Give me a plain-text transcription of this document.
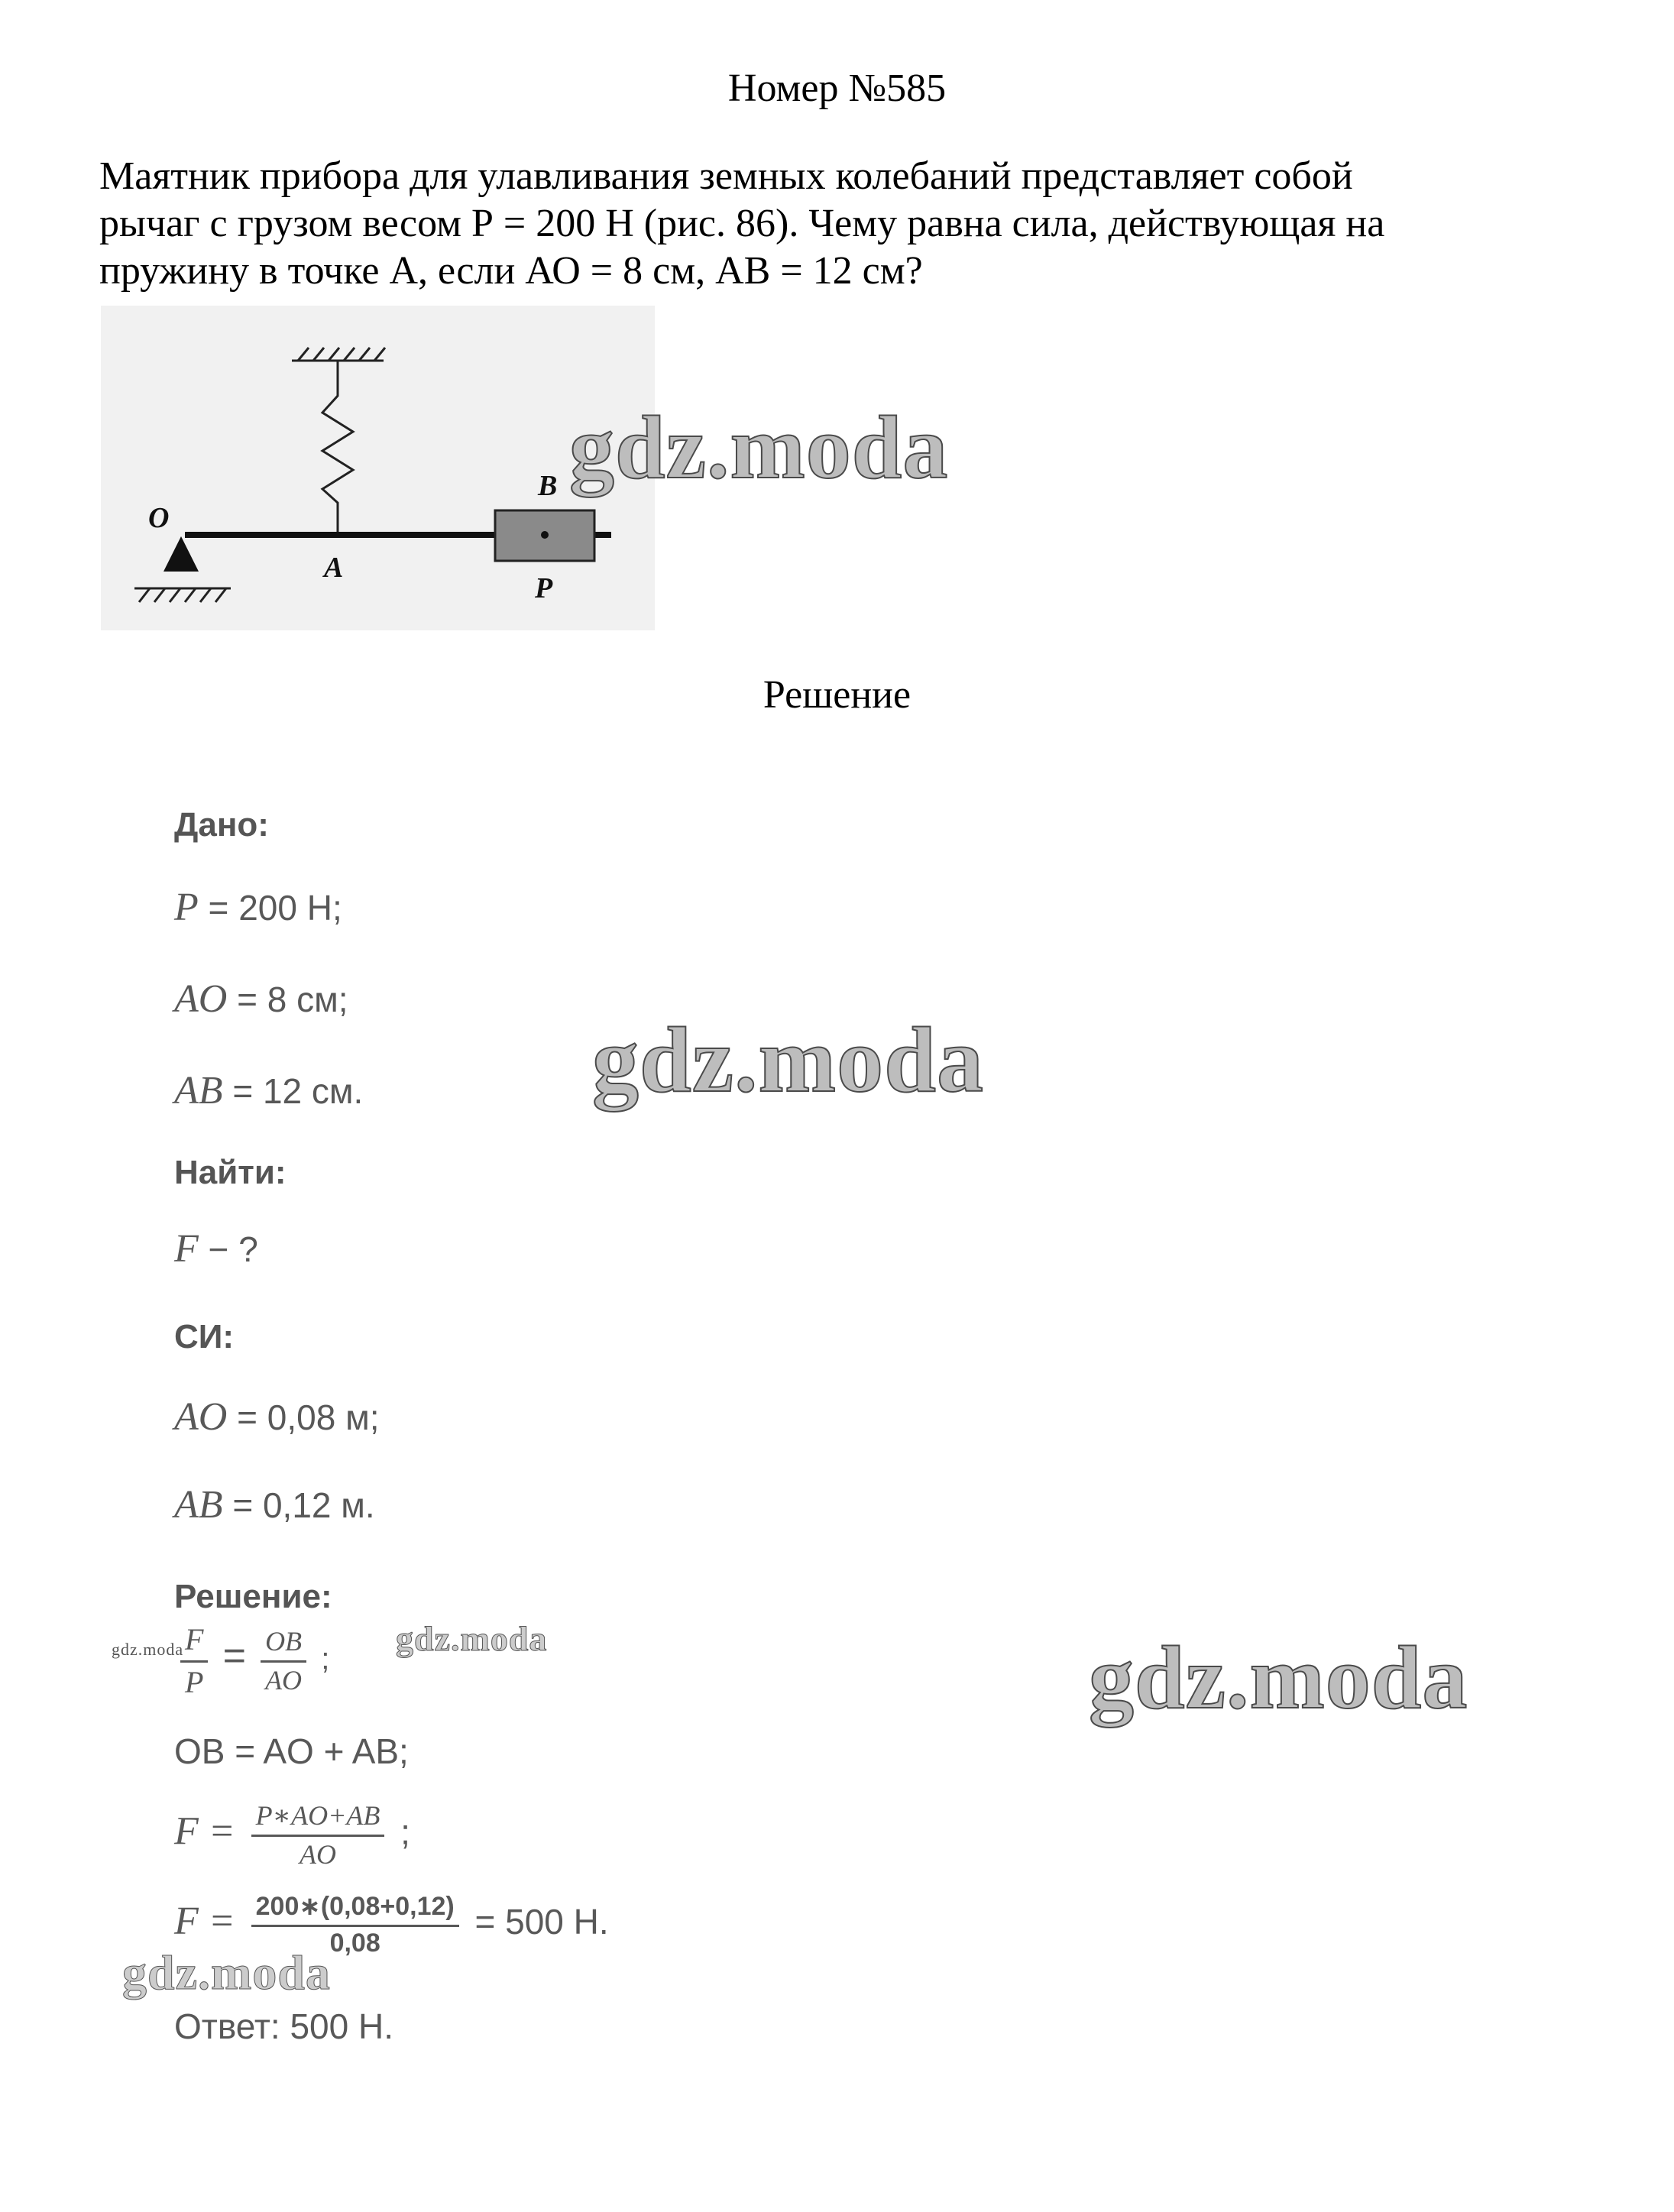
Номер №585
Маятник прибора для улавливания земных колебаний представляет собой
рычаг с грузом весом Р = 200 Н (рис. 86). Чему равна сила, действующая на
пружину в точке А, если АО = 8 см, АВ = 12 см?
O
A
B
P
Решение
Дано:
P = 200 Н;
AO = 8 см;
AB = 12 см.
Найти:
F − ?
СИ:
AO = 0,08 м;
AB = 0,12 м.
Решение:
$\frac{F}{P} = \frac{OB}{AO}$ ;
OB = AO + AB;
$F = \frac{P∗AO+AB}{AO}$ ;
$F = \frac{200∗(0,08+0,12)}{0,08} = 500$ Н.
Ответ: 500 Н.
gdz.moda
gdz.moda
gdz.moda
gdz.moda
gdz.moda
gdz.moda
